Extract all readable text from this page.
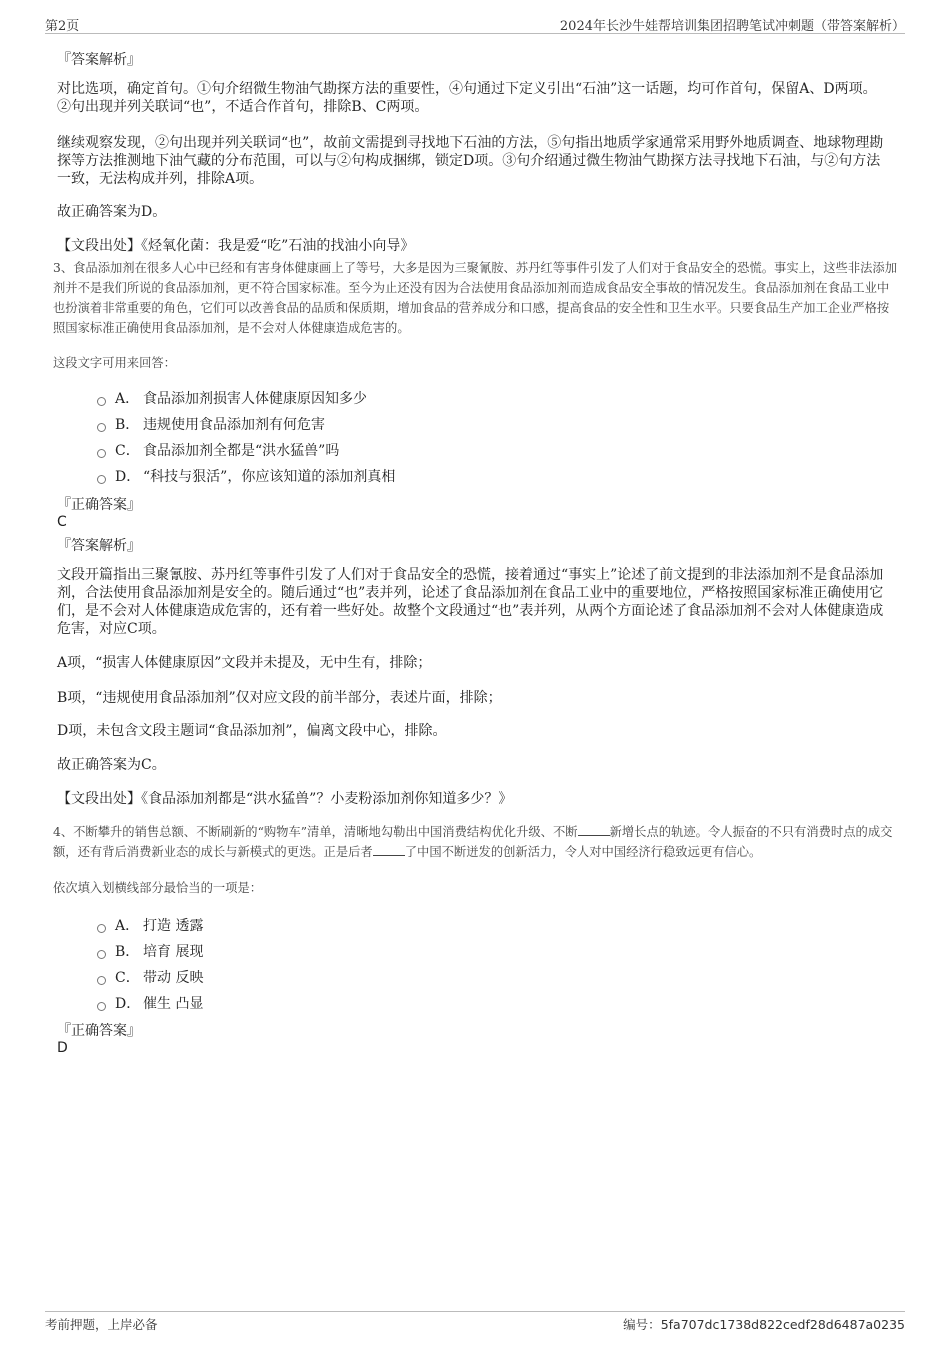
第2页	2024年长沙牛娃帮培训集团招聘笔试冲刺题（带答案解析）
『答案解析』
对比选项，确定首句。①句介绍微生物油气勘探方法的重要性，④句通过下定义引出“石油”这一话题，均可作首句，保留A、D两项。②句出现并列关联词“也”，不适合作首句，排除B、C两项。
继续观察发现，②句出现并列关联词“也”，故前文需提到寻找地下石油的方法，⑤句指出地质学家通常采用野外地质调查、地球物理勘探等方法推测地下油气藏的分布范围，可以与②句构成捆绑，锁定D项。③句介绍通过微生物油气勘探方法寻找地下石油，与②句方法一致，无法构成并列，排除A项。
故正确答案为D。
【文段出处】《烃氧化菌：我是爱“吃”石油的找油小向导》
3、食品添加剂在很多人心中已经和有害身体健康画上了等号，大多是因为三聚氰胺、苏丹红等事件引发了人们对于食品安全的恐慌。事实上，这些非法添加剂并不是我们所说的食品添加剂，更不符合国家标准。至今为止还没有因为合法使用食品添加剂而造成食品安全事故的情况发生。食品添加剂在食品工业中也扮演着非常重要的角色，它们可以改善食品的品质和保质期，增加食品的营养成分和口感，提高食品的安全性和卫生水平。只要食品生产加工企业严格按照国家标准正确使用食品添加剂，是不会对人体健康造成危害的。
这段文字可用来回答：
A． 食品添加剂损害人体健康原因知多少
B． 违规使用食品添加剂有何危害
C． 食品添加剂全都是“洪水猛兽”吗
D． “科技与狠活”，你应该知道的添加剂真相
『正确答案』
C
『答案解析』
文段开篇指出三聚氰胺、苏丹红等事件引发了人们对于食品安全的恐慌，接着通过“事实上”论述了前文提到的非法添加剂不是食品添加剂，合法使用食品添加剂是安全的。随后通过“也”表并列，论述了食品添加剂在食品工业中的重要地位，严格按照国家标准正确使用它们，是不会对人体健康造成危害的，还有着一些好处。故整个文段通过“也”表并列，从两个方面论述了食品添加剂不会对人体健康造成危害，对应C项。
A项，“损害人体健康原因”文段并未提及，无中生有，排除；
B项，“违规使用食品添加剂”仅对应文段的前半部分，表述片面，排除；
D项，未包含文段主题词“食品添加剂”，偏离文段中心，排除。
故正确答案为C。
【文段出处】《食品添加剂都是“洪水猛兽”？小麦粉添加剂你知道多少？》
4、不断攀升的销售总额、不断刷新的“购物车”清单，清晰地勾勒出中国消费结构优化升级、不断	新增长点的轨迹。令人振奋的不只有消费时点的成交额，还有背后消费新业态的成长与新模式的更迭。正是后者	了中国不断迸发的创新活力，令人对中国经济行稳致远更有信心。
依次填入划横线部分最恰当的一项是：
A． 打造 透露
B． 培育 展现
C． 带动 反映
D． 催生 凸显
『正确答案』
D
考前押题，上岸必备	编号：5fa707dc1738d822cedf28d6487a0235
